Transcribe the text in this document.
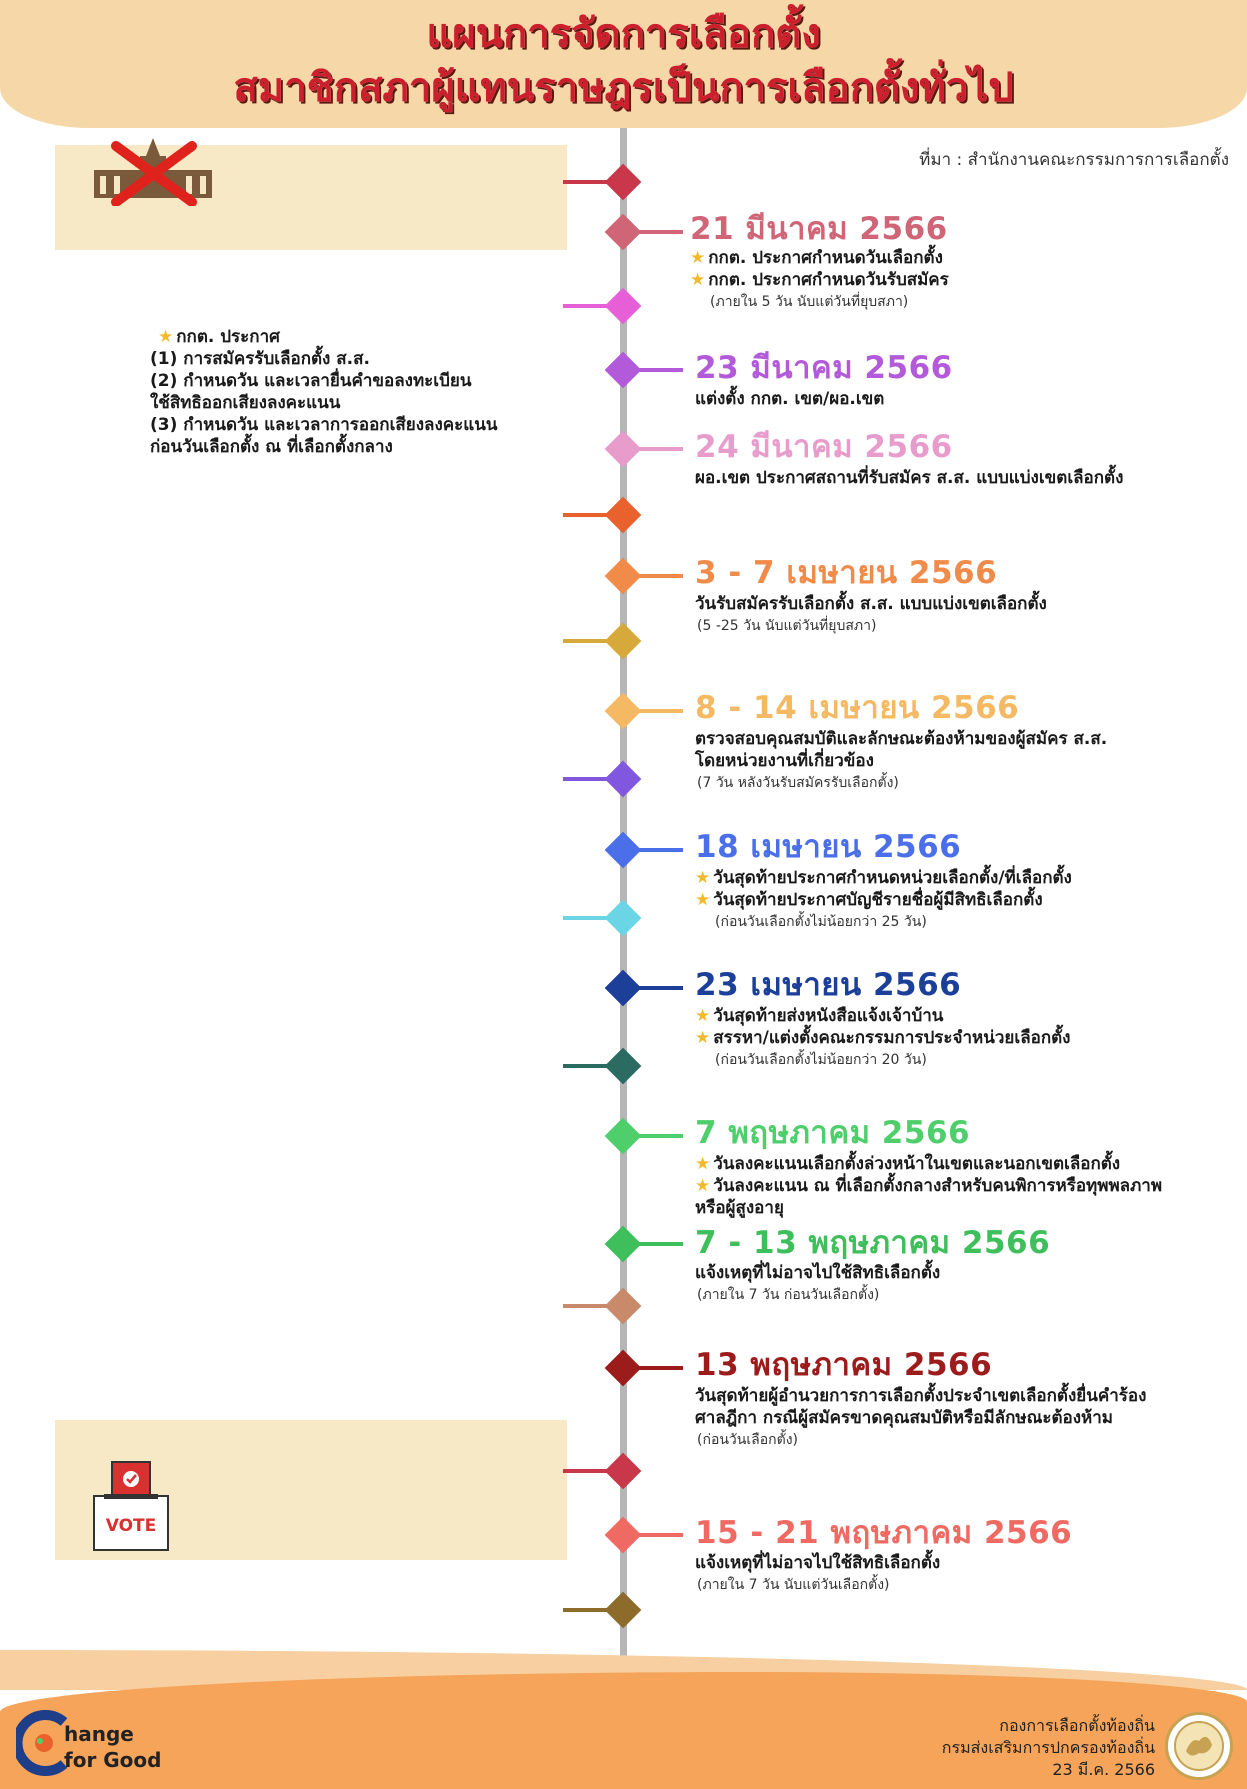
แผนการจัดการเลือกตั้ง
สมาชิกสภาผู้แทนราษฎรเป็นการเลือกตั้งทั่วไป
ที่มา : สำนักงานคณะกรรมการการเลือกตั้ง
VOTE
21 มีนาคม 2566
★ กกต. ประกาศกำหนดวันเลือกตั้ง
★ กกต. ประกาศกำหนดวันรับสมัคร
(ภายใน 5 วัน นับแต่วันที่ยุบสภา)
★ กกต. ประกาศ
(1) การสมัครรับเลือกตั้ง ส.ส.
(2) กำหนดวัน และเวลายื่นคำขอลงทะเบียน
ใช้สิทธิออกเสียงลงคะแนน
(3) กำหนดวัน และเวลาการออกเสียงลงคะแนน
ก่อนวันเลือกตั้ง ณ ที่เลือกตั้งกลาง
23 มีนาคม 2566
แต่งตั้ง กกต. เขต/ผอ.เขต
24 มีนาคม 2566
ผอ.เขต ประกาศสถานที่รับสมัคร ส.ส. แบบแบ่งเขตเลือกตั้ง
3 - 7 เมษายน 2566
วันรับสมัครรับเลือกตั้ง ส.ส. แบบแบ่งเขตเลือกตั้ง
(5 -25 วัน นับแต่วันที่ยุบสภา)
8 - 14 เมษายน 2566
ตรวจสอบคุณสมบัติและลักษณะต้องห้ามของผู้สมัคร ส.ส.
โดยหน่วยงานที่เกี่ยวข้อง
(7 วัน หลังวันรับสมัครรับเลือกตั้ง)
18 เมษายน 2566
★ วันสุดท้ายประกาศกำหนดหน่วยเลือกตั้ง/ที่เลือกตั้ง
★ วันสุดท้ายประกาศบัญชีรายชื่อผู้มีสิทธิเลือกตั้ง
(ก่อนวันเลือกตั้งไม่น้อยกว่า 25 วัน)
23 เมษายน 2566
★ วันสุดท้ายส่งหนังสือแจ้งเจ้าบ้าน
★ สรรหา/แต่งตั้งคณะกรรมการประจำหน่วยเลือกตั้ง
(ก่อนวันเลือกตั้งไม่น้อยกว่า 20 วัน)
7 พฤษภาคม 2566
★ วันลงคะแนนเลือกตั้งล่วงหน้าในเขตและนอกเขตเลือกตั้ง
★ วันลงคะแนน ณ ที่เลือกตั้งกลางสำหรับคนพิการหรือทุพพลภาพ
หรือผู้สูงอายุ
7 - 13 พฤษภาคม 2566
แจ้งเหตุที่ไม่อาจไปใช้สิทธิเลือกตั้ง
(ภายใน 7 วัน ก่อนวันเลือกตั้ง)
13 พฤษภาคม 2566
วันสุดท้ายผู้อำนวยการการเลือกตั้งประจำเขตเลือกตั้งยื่นคำร้อง
ศาลฎีกา กรณีผู้สมัครขาดคุณสมบัติหรือมีลักษณะต้องห้าม
(ก่อนวันเลือกตั้ง)
15 - 21 พฤษภาคม 2566
แจ้งเหตุที่ไม่อาจไปใช้สิทธิเลือกตั้ง
(ภายใน 7 วัน นับแต่วันเลือกตั้ง)
hange
for Good
กองการเลือกตั้งท้องถิ่น
กรมส่งเสริมการปกครองท้องถิ่น
23 มี.ค. 2566
